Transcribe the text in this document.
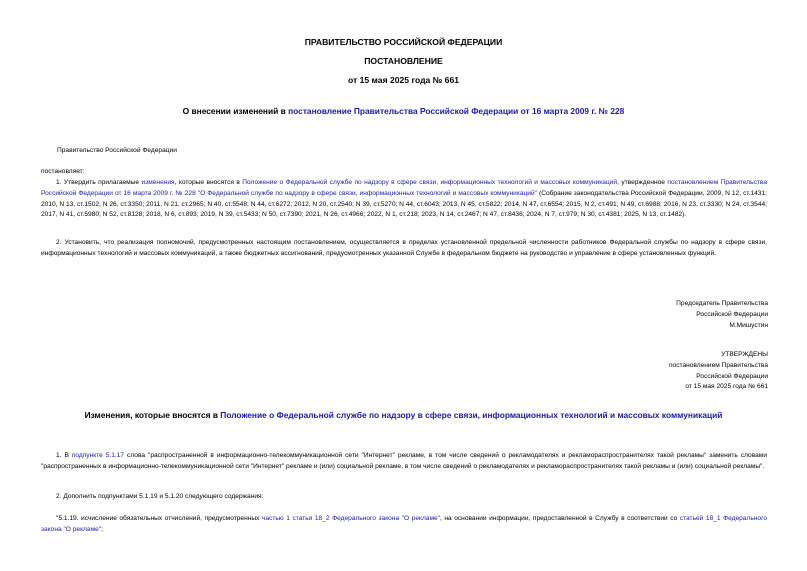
ПРАВИТЕЛЬСТВО РОССИЙСКОЙ ФЕДЕРАЦИИ
ПОСТАНОВЛЕНИЕ
от 15 мая 2025 года № 661
О внесении изменений в постановление Правительства Российской Федерации от 16 марта 2009 г. № 228
Правительство Российской Федерации
постановляет:
1. Утвердить прилагаемые изменения, которые вносятся в Положение о Федеральной службе по надзору в сфере связи, информационных технологий и массовых коммуникаций, утвержденное постановлением Правительства Российской Федерации от 16 марта 2009 г. № 228 "О Федеральной службе по надзору в сфере связи, информационных технологий и массовых коммуникаций" (Собрание законодательства Российской Федерации, 2009, N 12, ст.1431; 2010, N 13, ст.1502; N 26, ст.3350; 2011, N 21, ст.2965; N 40, ст.5548; N 44, ст.6272; 2012, N 20, ст.2540; N 39, ст.5270; N 44, ст.6043; 2013, N 45, ст.5822; 2014, N 47, ст.6554; 2015, N 2, ст.491; N 49, ст.6988; 2016, N 23, ст.3330; N 24, ст.3544; 2017, N 41, ст.5980; N 52, ст.8128; 2018, N 6, ст.893; 2019, N 39, ст.5433; N 50, ст.7390; 2021, N 26, ст.4966; 2022, N 1, ст.218; 2023, N 14, ст.2467; N 47, ст.8436; 2024, N 7, ст.979; N 30, ст.4381; 2025, N 13, ст.1482).
2. Установить, что реализация полномочий, предусмотренных настоящим постановлением, осуществляется в пределах установленной предельной численности работников Федеральной службы по надзору в сфере связи, информационных технологий и массовых коммуникаций, а также бюджетных ассигнований, предусмотренных указанной Службе в федеральном бюджете на руководство и управление в сфере установленных функций.
Председатель Правительства
Российской Федерации
М.Мишустин
УТВЕРЖДЕНЫ
постановлением Правительства
Российской Федерации
от 15 мая 2025 года № 661
Изменения, которые вносятся в Положение о Федеральной службе по надзору в сфере связи, информационных технологий и массовых коммуникаций
1. В подпункте 5.1.17 слова "распространенной в информационно-телекоммуникационной сети "Интернет" рекламе, в том числе сведений о рекламодателях и рекламораспространителях такой рекламы" заменить словами "распространенных в информационно-телекоммуникационной сети "Интернет" рекламе и (или) социальной рекламе, в том числе сведений о рекламодателях и рекламораспространителях такой рекламы и (или) социальной рекламы".
2. Дополнить подпунктами 5.1.19 и 5.1.20 следующего содержания:
"5.1.19. исчисление обязательных отчислений, предусмотренных частью 1 статьи 18_2 Федерального закона "О рекламе", на основании информации, предоставленной в Службу в соответствии со статьей 18_1 Федерального закона "О рекламе";
